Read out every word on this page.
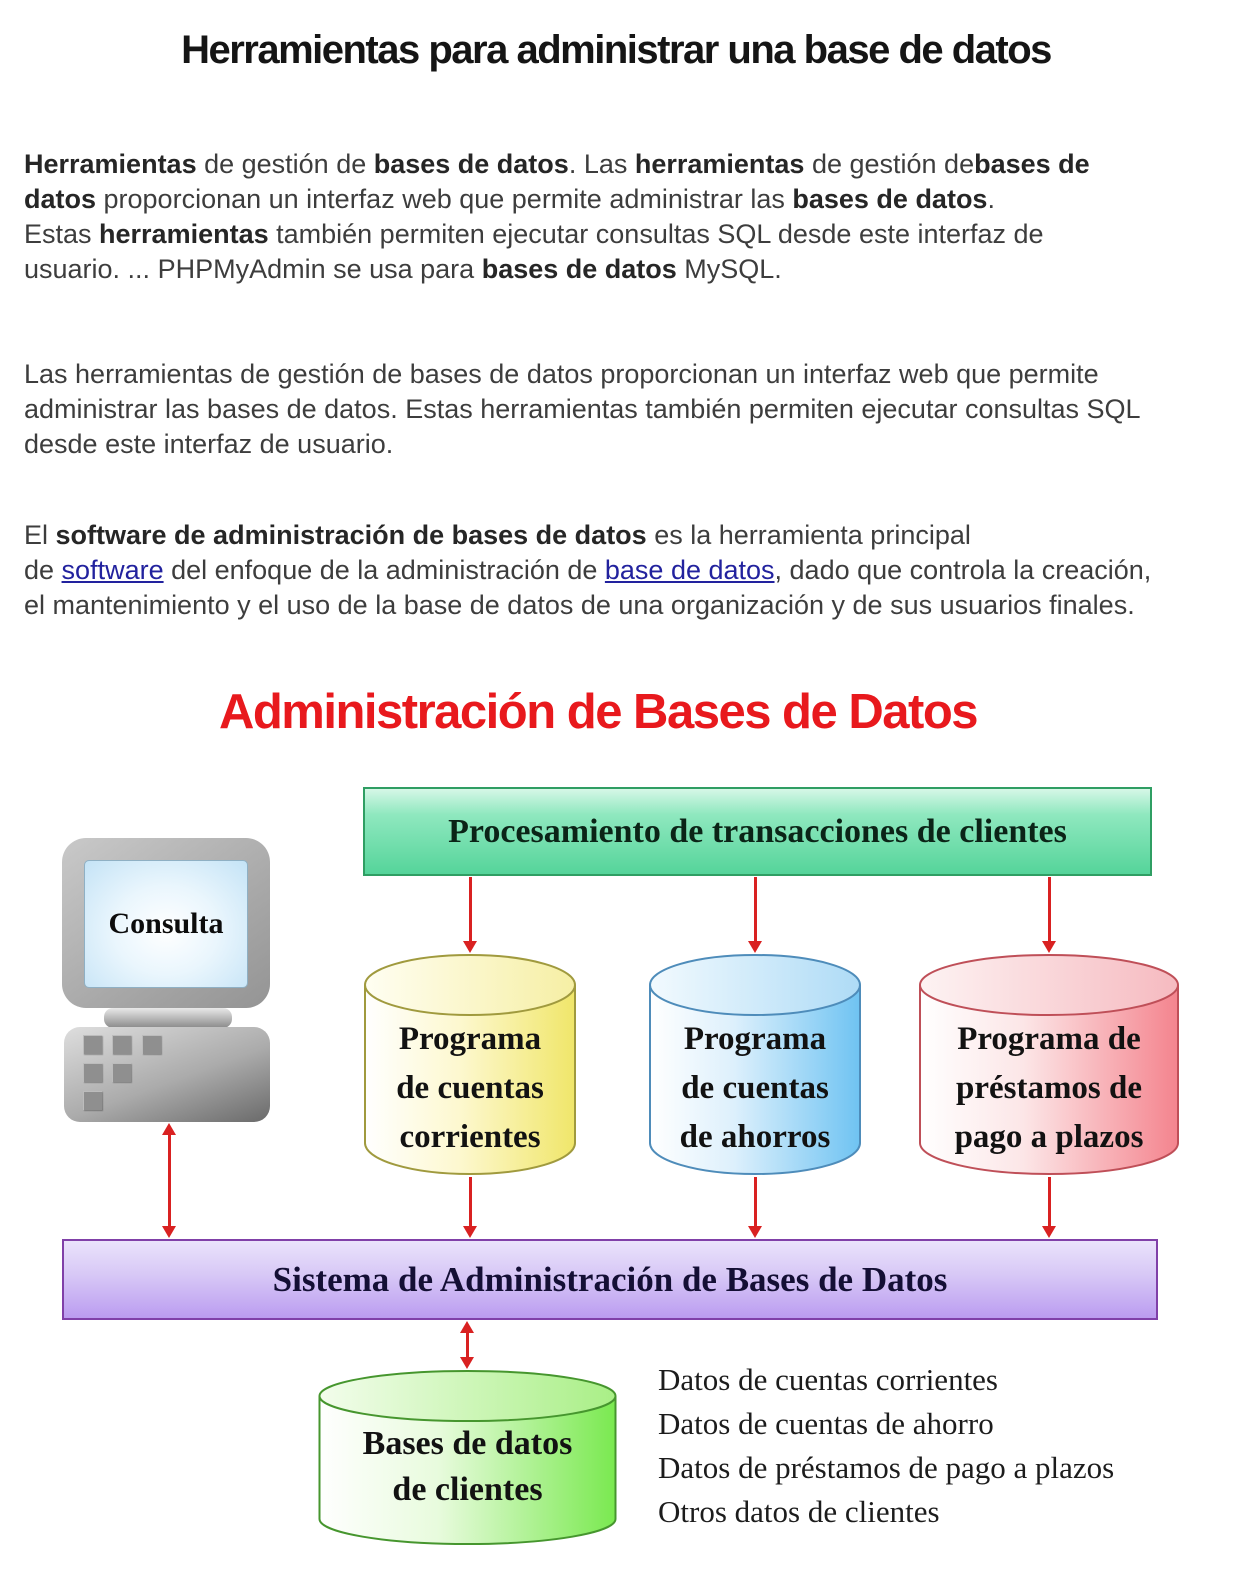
Herramientas para administrar una base de datos
Herramientas de gestión de bases de datos. Las herramientas de gestión debases de
datos proporcionan un interfaz web que permite administrar las bases de datos.
Estas herramientas también permiten ejecutar consultas SQL desde este interfaz de
usuario. ... PHPMyAdmin se usa para bases de datos MySQL.
Las herramientas de gestión de bases de datos proporcionan un interfaz web que permite
administrar las bases de datos. Estas herramientas también permiten ejecutar consultas SQL
desde este interfaz de usuario.
El software de administración de bases de datos es la herramienta principal
de software del enfoque de la administración de base de datos, dado que controla la creación,
el mantenimiento y el uso de la base de datos de una organización y de sus usuarios finales.
Administración de Bases de Datos
Consulta
Procesamiento de transacciones de clientes
Programa
de cuentas
corrientes
Programa
de cuentas
de ahorros
Programa de
préstamos de
pago a plazos
Sistema de Administración de Bases de Datos
Bases de datos
de clientes
Datos de cuentas corrientes
Datos de cuentas de ahorro
Datos de préstamos de pago a plazos
Otros datos de clientes
